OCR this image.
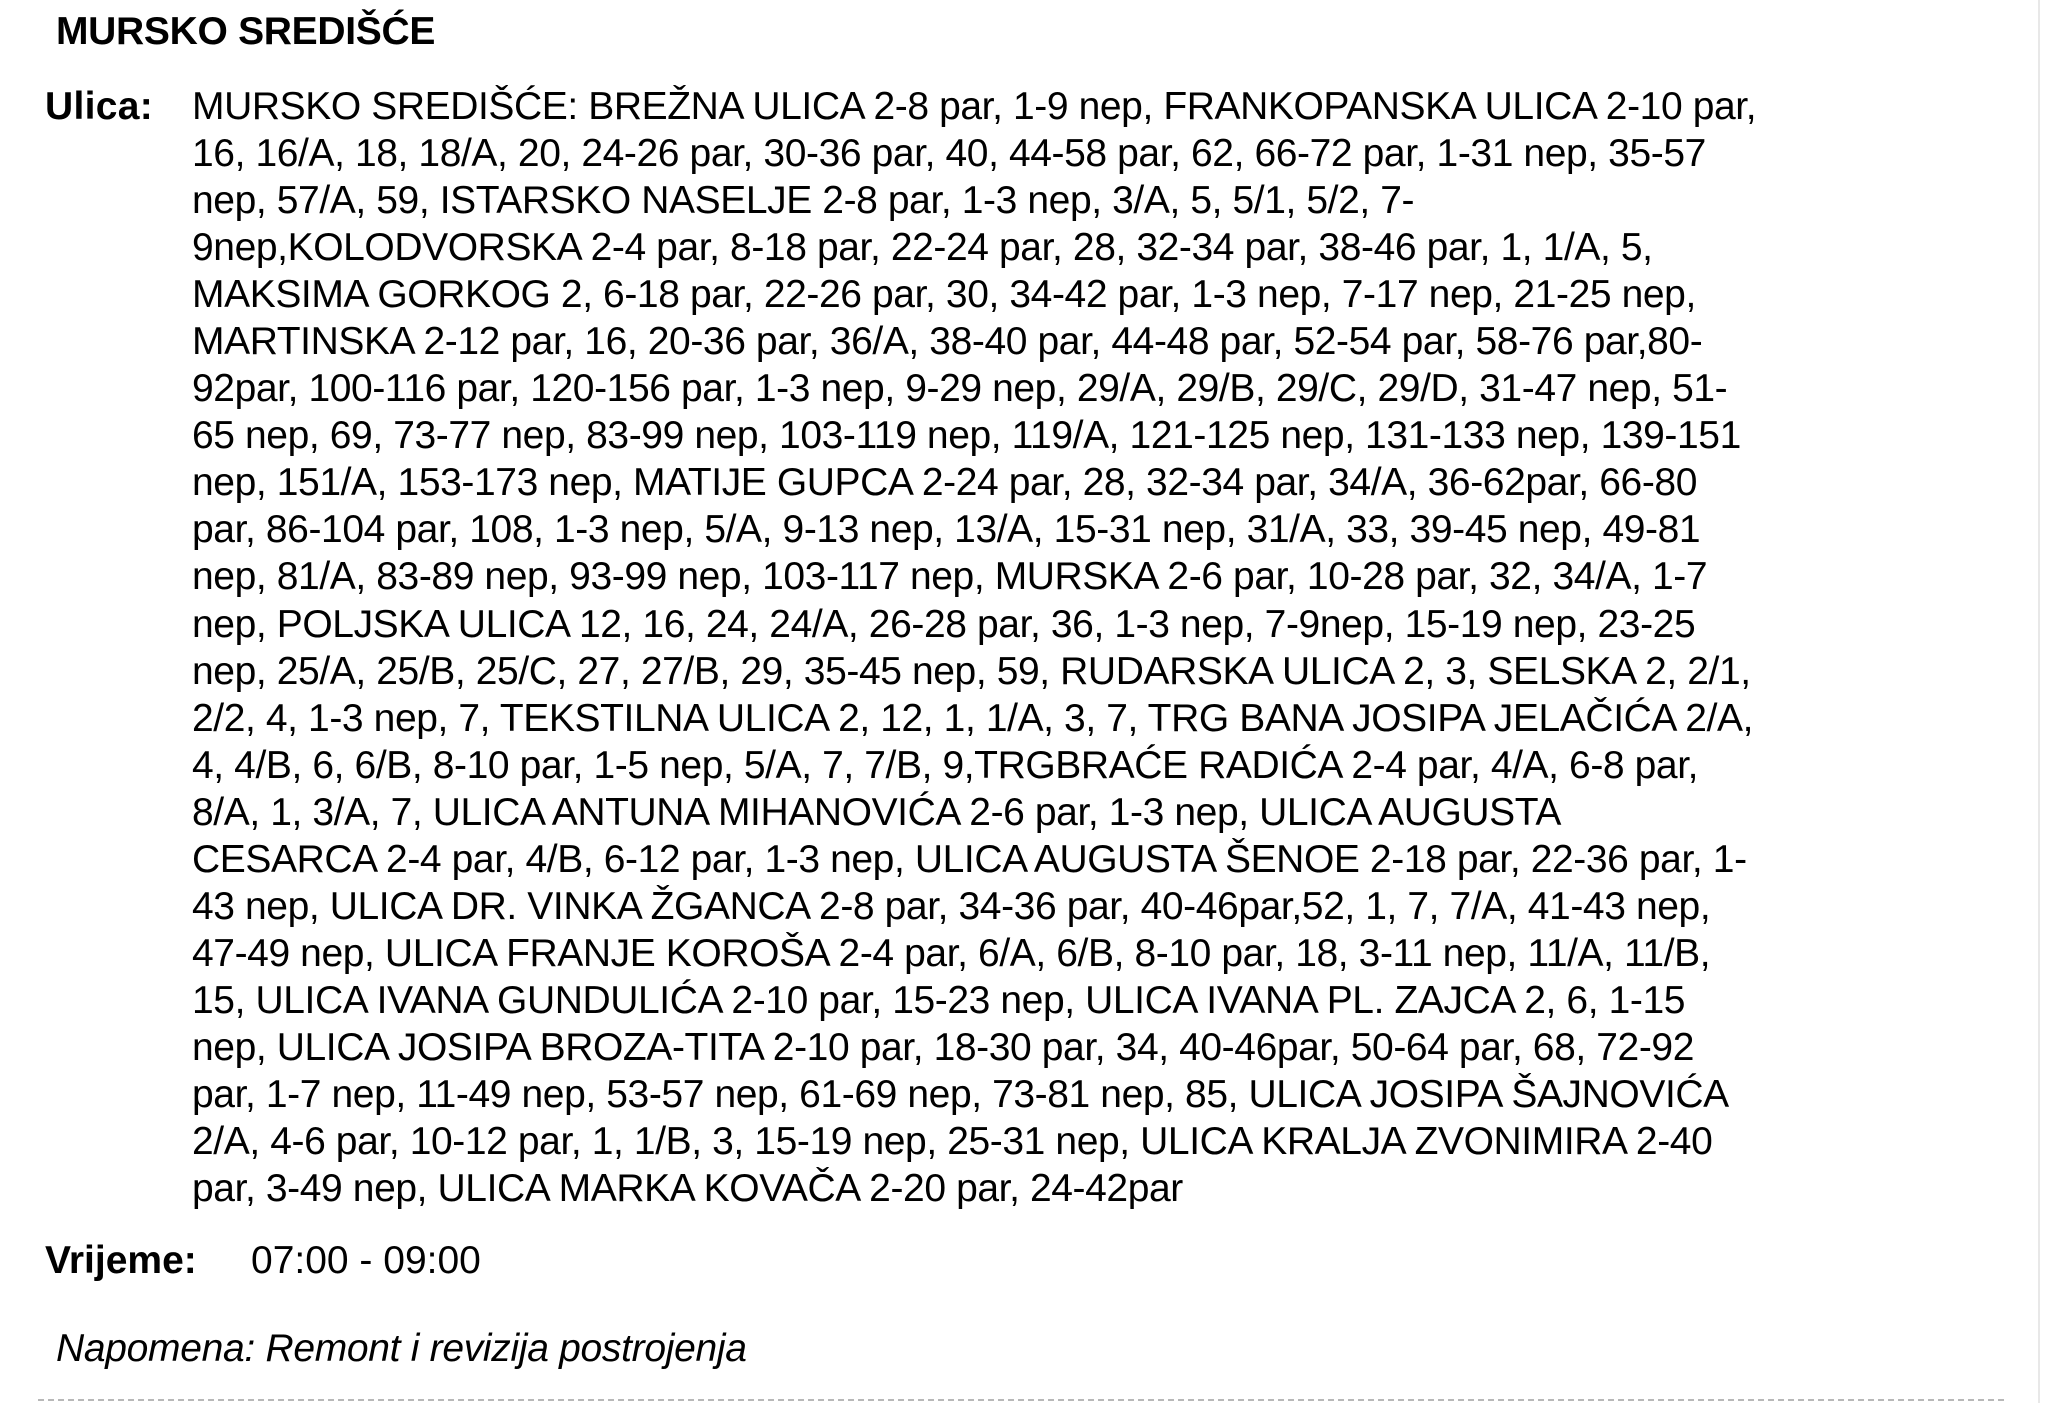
MURSKO SREDIŠĆE
Ulica: MURSKO SREDIŠĆE: BREŽNA ULICA 2-8 par, 1-9 nep, FRANKOPANSKA ULICA 2-10 par,
16, 16/A, 18, 18/A, 20, 24-26 par, 30-36 par, 40, 44-58 par, 62, 66-72 par, 1-31 nep, 35-57
nep, 57/A, 59, ISTARSKO NASELJE 2-8 par, 1-3 nep, 3/A, 5, 5/1, 5/2, 7-
9nep,KOLODVORSKA 2-4 par, 8-18 par, 22-24 par, 28, 32-34 par, 38-46 par, 1, 1/A, 5,
MAKSIMA GORKOG 2, 6-18 par, 22-26 par, 30, 34-42 par, 1-3 nep, 7-17 nep, 21-25 nep,
MARTINSKA 2-12 par, 16, 20-36 par, 36/A, 38-40 par, 44-48 par, 52-54 par, 58-76 par,80-
92par, 100-116 par, 120-156 par, 1-3 nep, 9-29 nep, 29/A, 29/B, 29/C, 29/D, 31-47 nep, 51-
65 nep, 69, 73-77 nep, 83-99 nep, 103-119 nep, 119/A, 121-125 nep, 131-133 nep, 139-151
nep, 151/A, 153-173 nep, MATIJE GUPCA 2-24 par, 28, 32-34 par, 34/A, 36-62par, 66-80
par, 86-104 par, 108, 1-3 nep, 5/A, 9-13 nep, 13/A, 15-31 nep, 31/A, 33, 39-45 nep, 49-81
nep, 81/A, 83-89 nep, 93-99 nep, 103-117 nep, MURSKA 2-6 par, 10-28 par, 32, 34/A, 1-7
nep, POLJSKA ULICA 12, 16, 24, 24/A, 26-28 par, 36, 1-3 nep, 7-9nep, 15-19 nep, 23-25
nep, 25/A, 25/B, 25/C, 27, 27/B, 29, 35-45 nep, 59, RUDARSKA ULICA 2, 3, SELSKA 2, 2/1,
2/2, 4, 1-3 nep, 7, TEKSTILNA ULICA 2, 12, 1, 1/A, 3, 7, TRG BANA JOSIPA JELAČIĆA 2/A,
4, 4/B, 6, 6/B, 8-10 par, 1-5 nep, 5/A, 7, 7/B, 9,TRGBRAĆE RADIĆA 2-4 par, 4/A, 6-8 par,
8/A, 1, 3/A, 7, ULICA ANTUNA MIHANOVIĆA 2-6 par, 1-3 nep, ULICA AUGUSTA
CESARCA 2-4 par, 4/B, 6-12 par, 1-3 nep, ULICA AUGUSTA ŠENOE 2-18 par, 22-36 par, 1-
43 nep, ULICA DR. VINKA ŽGANCA 2-8 par, 34-36 par, 40-46par,52, 1, 7, 7/A, 41-43 nep,
47-49 nep, ULICA FRANJE KOROŠA 2-4 par, 6/A, 6/B, 8-10 par, 18, 3-11 nep, 11/A, 11/B,
15, ULICA IVANA GUNDULIĆA 2-10 par, 15-23 nep, ULICA IVANA PL. ZAJCA 2, 6, 1-15
nep, ULICA JOSIPA BROZA-TITA 2-10 par, 18-30 par, 34, 40-46par, 50-64 par, 68, 72-92
par, 1-7 nep, 11-49 nep, 53-57 nep, 61-69 nep, 73-81 nep, 85, ULICA JOSIPA ŠAJNOVIĆA
2/A, 4-6 par, 10-12 par, 1, 1/B, 3, 15-19 nep, 25-31 nep, ULICA KRALJA ZVONIMIRA 2-40
par, 3-49 nep, ULICA MARKA KOVAČA 2-20 par, 24-42par
Vrijeme: 07:00 - 09:00
Napomena: Remont i revizija postrojenja
